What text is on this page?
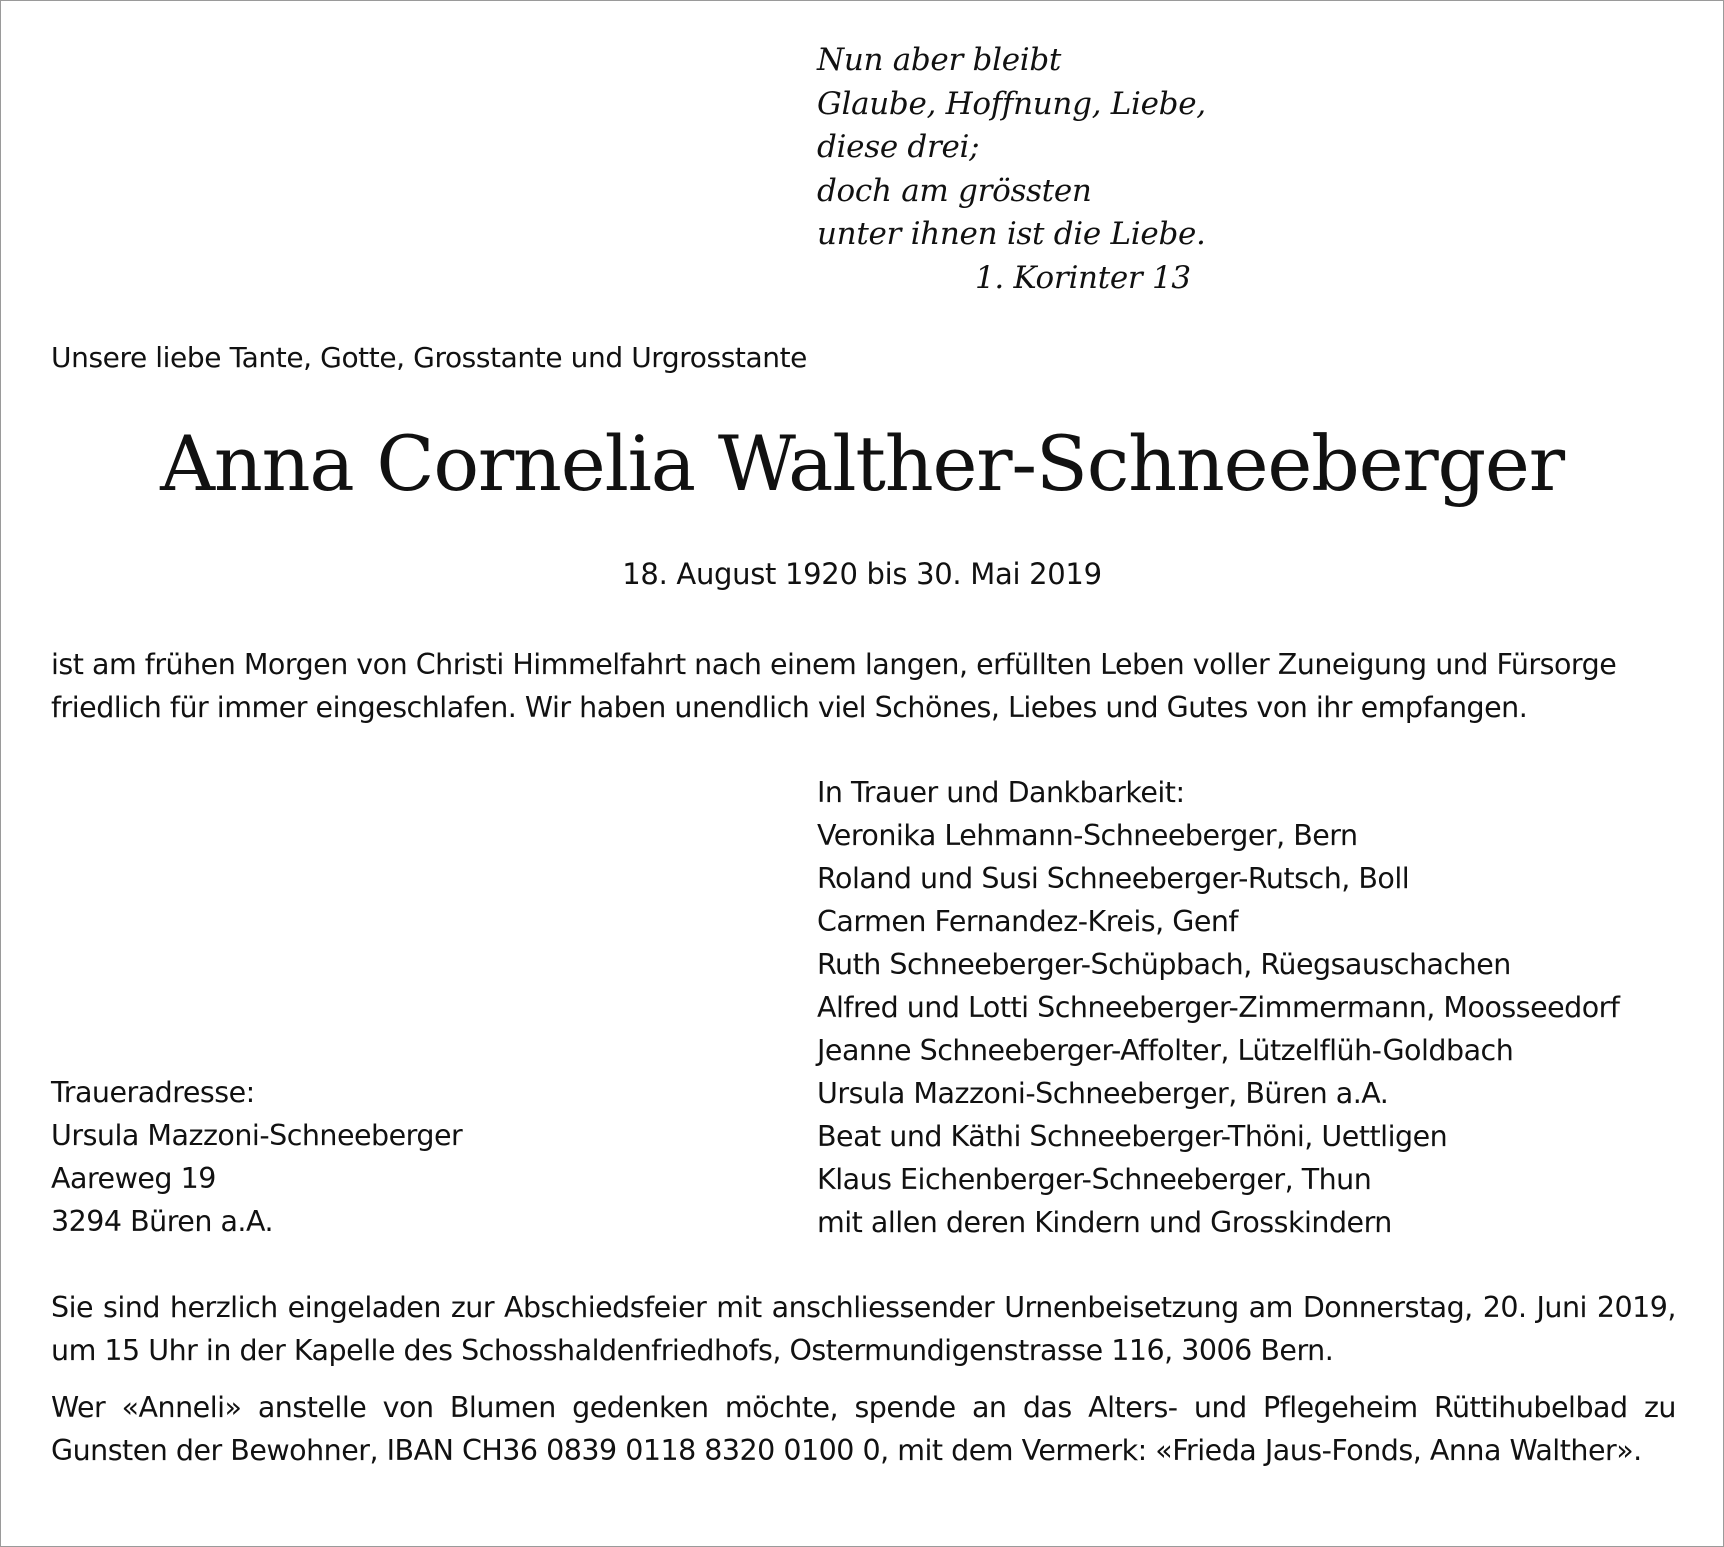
Nun aber bleibt
Glaube, Hoffnung, Liebe,
diese drei;
doch am grössten
unter ihnen ist die Liebe.
1. Korinter 13
Unsere liebe Tante, Gotte, Grosstante und Urgrosstante
Anna Cornelia Walther-Schneeberger
18. August 1920 bis 30. Mai 2019
ist am frühen Morgen von Christi Himmelfahrt nach einem langen, erfüllten Leben voller Zuneigung und Fürsorge
friedlich für immer eingeschlafen. Wir haben unendlich viel Schönes, Liebes und Gutes von ihr empfangen.
In Trauer und Dankbarkeit:
Veronika Lehmann-Schneeberger, Bern
Roland und Susi Schneeberger-Rutsch, Boll
Carmen Fernandez-Kreis, Genf
Ruth Schneeberger-Schüpbach, Rüegsauschachen
Alfred und Lotti Schneeberger-Zimmermann, Moosseedorf
Jeanne Schneeberger-Affolter, Lützelflüh-Goldbach
Ursula Mazzoni-Schneeberger, Büren a.A.
Beat und Käthi Schneeberger-Thöni, Uettligen
Klaus Eichenberger-Schneeberger, Thun
mit allen deren Kindern und Grosskindern
Traueradresse:
Ursula Mazzoni-Schneeberger
Aareweg 19
3294 Büren a.A.
Sie sind herzlich eingeladen zur Abschiedsfeier mit anschliessender Urnenbeisetzung am Donnerstag, 20. Juni 2019, um 15 Uhr in der Kapelle des Schosshaldenfriedhofs, Ostermundigenstrasse 116, 3006 Bern.
Wer «Anneli» anstelle von Blumen gedenken möchte, spende an das Alters- und Pflegeheim Rüttihubelbad zu Gunsten der Bewohner, IBAN CH36 0839 0118 8320 0100 0, mit dem Vermerk: «Frieda Jaus-Fonds, Anna Walther».
